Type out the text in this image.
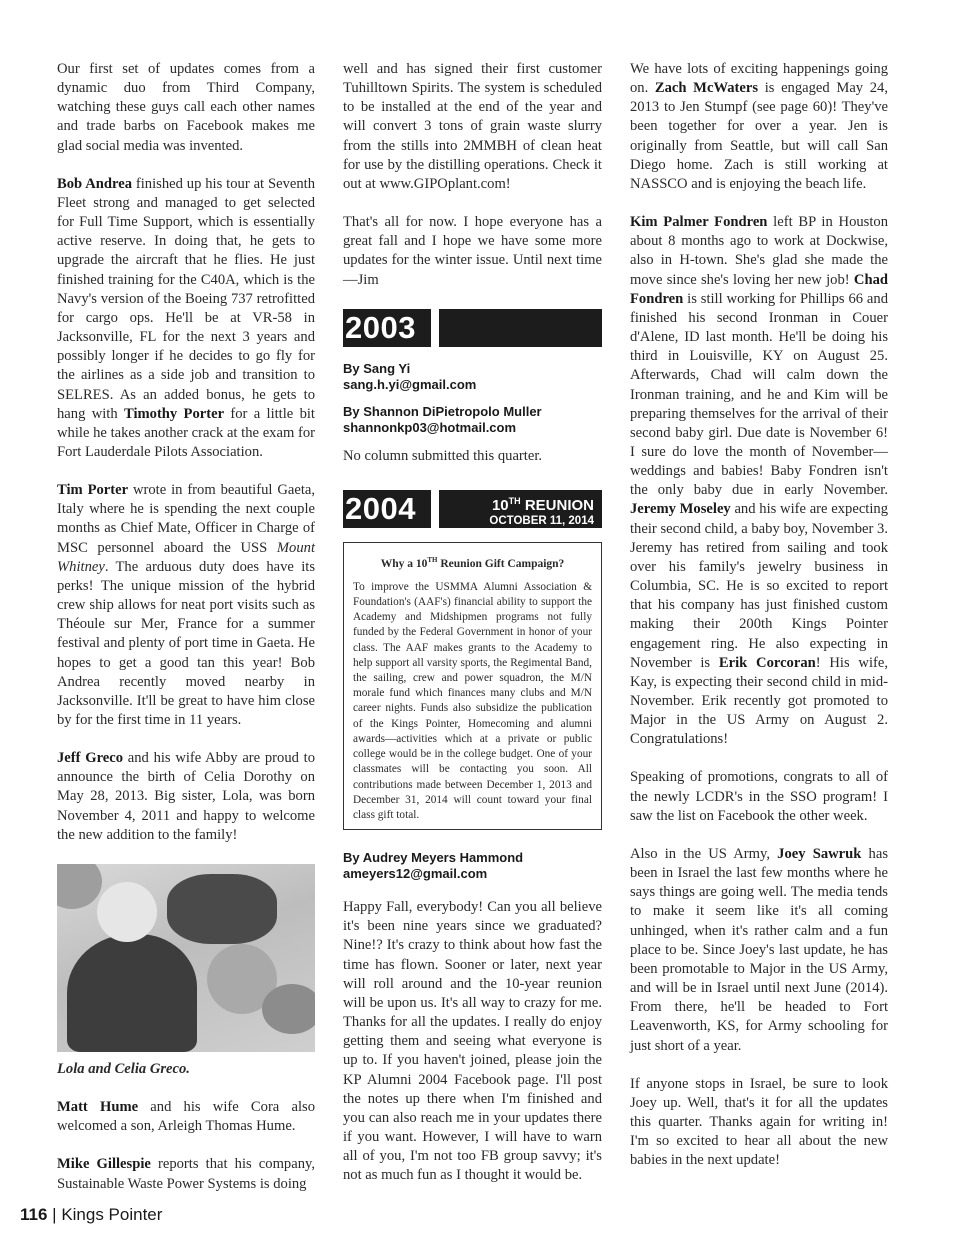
Our first set of updates comes from a dynamic duo from Third Company, watching these guys call each other names and trade barbs on Facebook makes me glad social media was invented.

Bob Andrea finished up his tour at Seventh Fleet strong and managed to get selected for Full Time Support, which is essentially active reserve. In doing that, he gets to upgrade the aircraft that he flies. He just finished training for the C40A, which is the Navy's version of the Boeing 737 retrofitted for cargo ops. He'll be at VR-58 in Jacksonville, FL for the next 3 years and possibly longer if he decides to go fly for the airlines as a side job and transition to SELRES. As an added bonus, he gets to hang with Timothy Porter for a little bit while he takes another crack at the exam for Fort Lauderdale Pilots Association.

Tim Porter wrote in from beautiful Gaeta, Italy where he is spending the next couple months as Chief Mate, Officer in Charge of MSC personnel aboard the USS Mount Whitney. The arduous duty does have its perks! The unique mission of the hybrid crew ship allows for neat port visits such as Théoule sur Mer, France for a summer festival and plenty of port time in Gaeta. He hopes to get a good tan this year! Bob Andrea recently moved nearby in Jacksonville. It'll be great to have him close by for the first time in 11 years.

Jeff Greco and his wife Abby are proud to announce the birth of Celia Dorothy on May 28, 2013. Big sister, Lola, was born November 4, 2011 and happy to welcome the new addition to the family!

Lola and Celia Greco.

Matt Hume and his wife Cora also welcomed a son, Arleigh Thomas Hume.

Mike Gillespie reports that his company, Sustainable Waste Power Systems is doing

well and has signed their first customer Tuhilltown Spirits. The system is scheduled to be installed at the end of the year and will convert 3 tons of grain waste slurry from the stills into 2MMBH of clean heat for use by the distilling operations. Check it out at www.GIPOplant.com!

That's all for now. I hope everyone has a great fall and I hope we have some more updates for the winter issue. Until next time—Jim

2003
By Sang Yi
sang.h.yi@gmail.com
By Shannon DiPietropolo Muller
shannonkp03@hotmail.com

No column submitted this quarter.

2004	10TH REUNION
OCTOBER 11, 2014
Why a 10TH Reunion Gift Campaign?

To improve the USMMA Alumni Association & Foundation's (AAF's) financial ability to support the Academy and Midshipmen programs not fully funded by the Federal Government in honor of your class. The AAF makes grants to the Academy to help support all varsity sports, the Regimental Band, the sailing, crew and power squadron, the M/N morale fund which finances many clubs and M/N career nights. Funds also subsidize the publication of the Kings Pointer, Homecoming and alumni awards—activities which at a private or public college would be in the college budget. One of your classmates will be contacting you soon. All contributions made between December 1, 2013 and December 31, 2014 will count toward your final class gift total.

By Audrey Meyers Hammond
ameyers12@gmail.com

Happy Fall, everybody! Can you all believe it's been nine years since we graduated? Nine!? It's crazy to think about how fast the time has flown. Sooner or later, next year will roll around and the 10-year reunion will be upon us. It's all way to crazy for me. Thanks for all the updates. I really do enjoy getting them and seeing what everyone is up to. If you haven't joined, please join the KP Alumni 2004 Facebook page. I'll post the notes up there when I'm finished and you can also reach me in your updates there if you want. However, I will have to warn all of you, I'm not too FB group savvy; it's not as much fun as I thought it would be.

We have lots of exciting happenings going on. Zach McWaters is engaged May 24, 2013 to Jen Stumpf (see page 60)! They've been together for over a year. Jen is originally from Seattle, but will call San Diego home. Zach is still working at NASSCO and is enjoying the beach life.

Kim Palmer Fondren left BP in Houston about 8 months ago to work at Dockwise, also in H-town. She's glad she made the move since she's loving her new job! Chad Fondren is still working for Phillips 66 and finished his second Ironman in Couer d'Alene, ID last month. He'll be doing his third in Louisville, KY on August 25. Afterwards, Chad will calm down the Ironman training, and he and Kim will be preparing themselves for the arrival of their second baby girl. Due date is November 6! I sure do love the month of November—weddings and babies! Baby Fondren isn't the only baby due in early November. Jeremy Moseley and his wife are expecting their second child, a baby boy, November 3. Jeremy has retired from sailing and took over his family's jewelry business in Columbia, SC. He is so excited to report that his company has just finished custom making their 200th Kings Pointer engagement ring. He also expecting in November is Erik Corcoran! His wife, Kay, is expecting their second child in mid-November. Erik recently got promoted to Major in the US Army on August 2. Congratulations!

Speaking of promotions, congrats to all of the newly LCDR's in the SSO program! I saw the list on Facebook the other week.

Also in the US Army, Joey Sawruk has been in Israel the last few months where he says things are going well. The media tends to make it seem like it's all coming unhinged, when it's rather calm and a fun place to be. Since Joey's last update, he has been promotable to Major in the US Army, and will be in Israel until next June (2014). From there, he'll be headed to Fort Leavenworth, KS, for Army schooling for just short of a year.

If anyone stops in Israel, be sure to look Joey up. Well, that's it for all the updates this quarter. Thanks again for writing in! I'm so excited to hear all about the new babies in the next update!

116 | Kings Pointer
